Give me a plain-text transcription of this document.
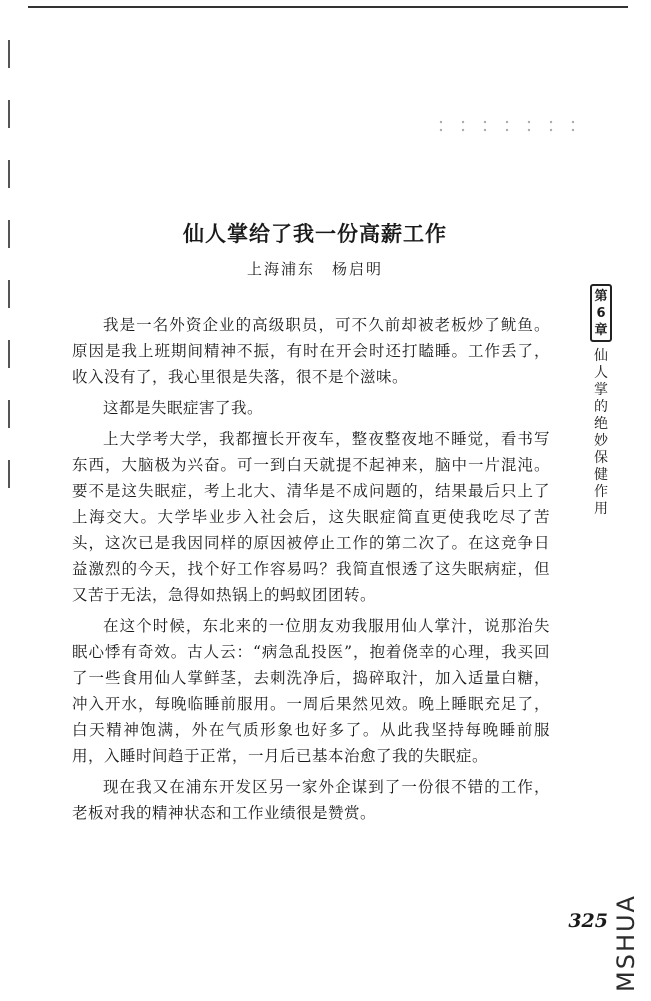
仙人掌给了我一份高薪工作
上海浦东　杨启明

我是一名外资企业的高级职员，可不久前却被老板炒了鱿鱼。原因是我上班期间精神不振，有时在开会时还打瞌睡。工作丢了，收入没有了，我心里很是失落，很不是个滋味。

这都是失眠症害了我。

上大学考大学，我都擅长开夜车，整夜整夜地不睡觉，看书写东西，大脑极为兴奋。可一到白天就提不起神来，脑中一片混沌。要不是这失眠症，考上北大、清华是不成问题的，结果最后只上了上海交大。大学毕业步入社会后，这失眠症简直更使我吃尽了苦头，这次已是我因同样的原因被停止工作的第二次了。在这竞争日益激烈的今天，找个好工作容易吗？我简直恨透了这失眠病症，但又苦于无法，急得如热锅上的蚂蚁团团转。

在这个时候，东北来的一位朋友劝我服用仙人掌汁，说那治失眠心悸有奇效。古人云：“病急乱投医”，抱着侥幸的心理，我买回了一些食用仙人掌鲜茎，去刺洗净后，捣碎取汁，加入适量白糖，冲入开水，每晚临睡前服用。一周后果然见效。晚上睡眠充足了，白天精神饱满，外在气质形象也好多了。从此我坚持每晚睡前服用，入睡时间趋于正常，一月后已基本治愈了我的失眠症。

现在我又在浦东开发区另一家外企谋到了一份很不错的工作，老板对我的精神状态和工作业绩很是赞赏。

第
6
章
仙
人
掌
的
绝
妙
保
健
作
用
325 MSHUA
